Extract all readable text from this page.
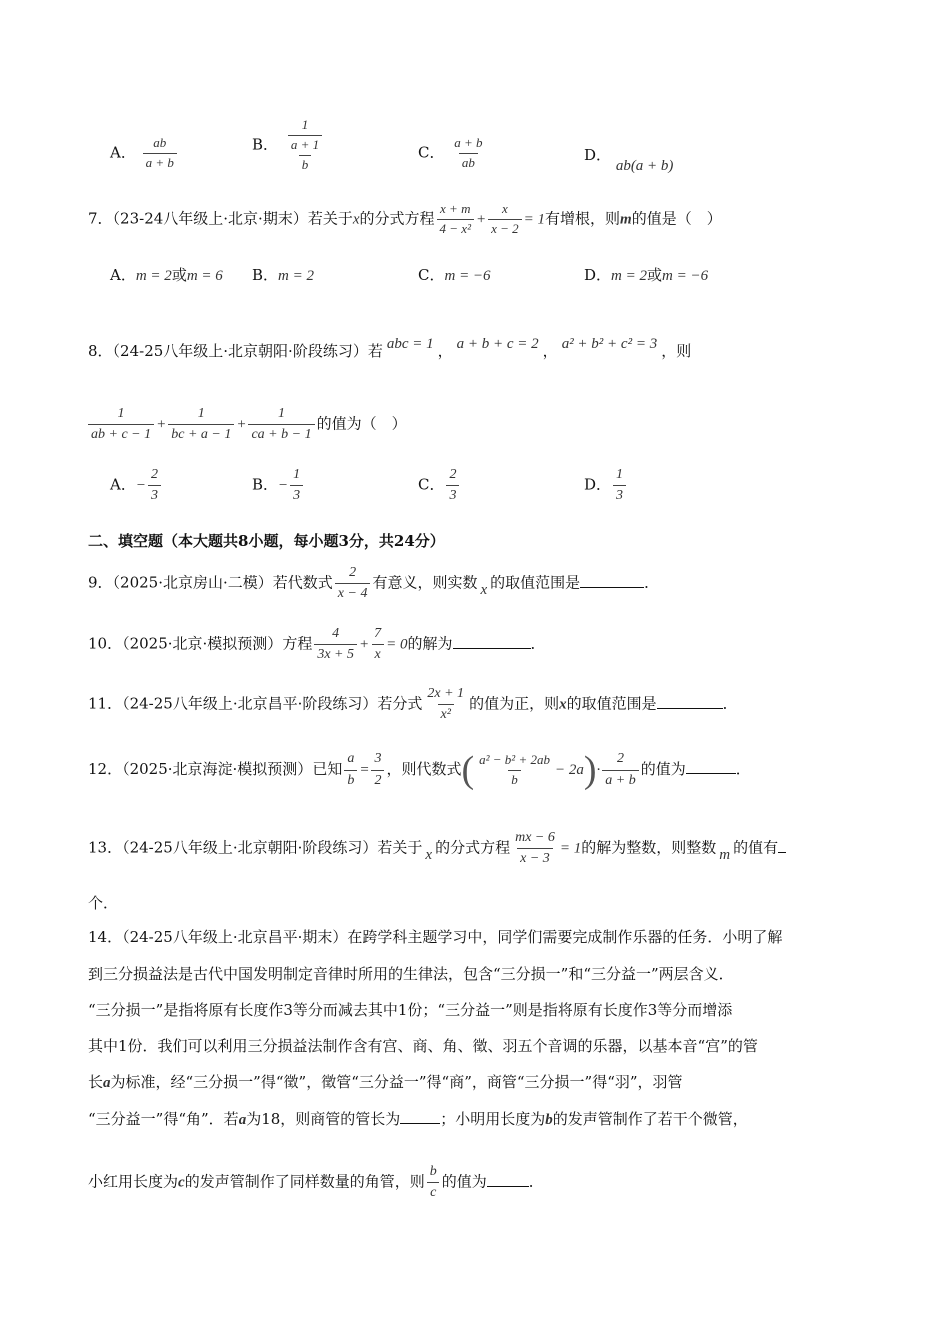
A． $\frac{ab}{a + b}$	B． $\frac{\frac{1}{a + 1}}{b}$	C． $\frac{a + b}{ab}$	D． ab(a + b)
7．（23-24八年级上·北京·期末）若关于x的分式方程 $\frac{x + m}{\text{4 − x²}} + \frac{x}{x - 2} = 1$有增根，则m的值是（　）
A．m = 2或m = 6 B．m = 2	C．m = −6	D．m = 2或m = −6
8．（24-25八年级上·北京朝阳·阶段练习）若 abc = 1 ， a + b + c = 2 ， a² + b² + c² = 3 ，则
$\frac{1}{ab + c - 1} + \frac{1}{bc + a - 1} + \frac{1}{ca + b - 1}$ 的值为（　）
A．− $\frac{2}{3}$	B．− $\frac{1}{3}$	C． $\frac{2}{3}$	D． $\frac{1}{3}$
二、填空题（本大题共8小题，每小题3分，共24分）
9．（2025·北京房山·二模）若代数式 $\frac{2}{x - 4}$ 有意义，则实数 x 的取值范围是	．
10．（2025·北京·模拟预测）方程 $\frac{4}{3x + 5} + \frac{7}{x} = 0$的解为	．
11．（24-25八年级上·北京昌平·阶段练习）若分式 $\frac{2x + 1}{\text{x²}}$ 的值为正，则x的取值范围是	．
12．（2025·北京海淀·模拟预测）已知 $\frac{a}{b} = \frac{3}{2}$ ，则代数式( $\frac{\text{a² − b² + 2ab}}{b} - 2a)\cdot \frac{2}{a + b}$ 的值为	．
13．（24-25八年级上·北京朝阳·阶段练习）若关于 x 的分式方程 $\frac{mx - 6}{x - 3} = 1$的解为整数，则整数 m 的值有
个．
14．（24-25八年级上·北京昌平·期末）在跨学科主题学习中，同学们需要完成制作乐器的任务．小明了解
到三分损益法是古代中国发明制定音律时所用的生律法，包含“三分损一”和“三分益一”两层含义．
“三分损一”是指将原有长度作3等分而减去其中1份；“三分益一”则是指将原有长度作3等分而增添
其中1份．我们可以利用三分损益法制作含有宫、商、角、徵、羽五个音调的乐器，以基本音“宫”的管
长a为标准，经“三分损一”得“徵”，徵管“三分益一”得“商”，商管“三分损一”得“羽”，羽管
“三分益一”得“角”．若a为18，则商管的管长为	；小明用长度为b的发声管制作了若干个微管，
小红用长度为c的发声管制作了同样数量的角管，则 $\frac{b}{c}$ 的值为	．
